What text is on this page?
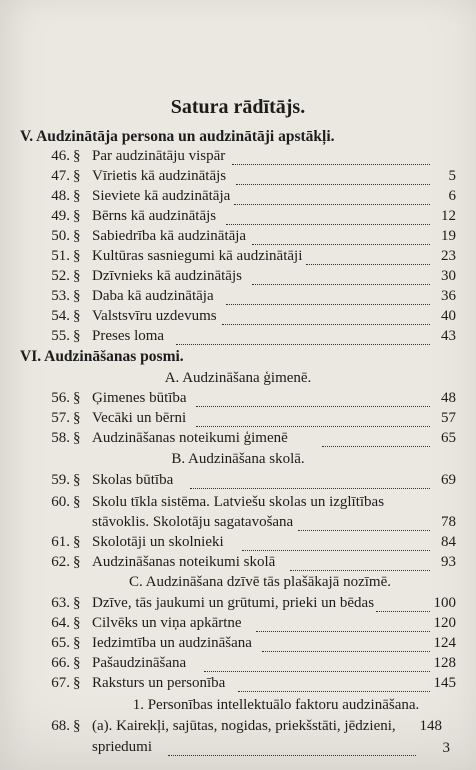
Satura rādītājs.
V. Audzinātāja persona un audzinātāji apstākļi.
46. § Par audzinātāju vispār
47. § Vīrietis kā audzinātājs	5
48. § Sieviete kā audzinātāja	6
49. § Bērns kā audzinātājs	12
50. § Sabiedrība kā audzinātāja	19
51. § Kultūras sasniegumi kā audzinātāji	23
52. § Dzīvnieks kā audzinātājs	30
53. § Daba kā audzinātāja	36
54. § Valstsvīru uzdevums	40
55. § Preses loma	43
VI. Audzināšanas posmi.
A. Audzināšana ģimenē.
56. § Ģimenes būtība	48
57. § Vecāki un bērni	57
58. § Audzināšanas noteikumi ģimenē	65
B. Audzināšana skolā.
59. § Skolas būtība	69
60. § Skolu tīkla sistēma. Latviešu skolas un izglītības
stāvoklis. Skolotāju sagatavošana	78
61. § Skolotāji un skolnieki	84
62. § Audzināšanas noteikumi skolā	93
C. Audzināšana dzīvē tās plašākajā nozīmē.
63. § Dzīve, tās jaukumi un grūtumi, prieki un bēdas	100
64. § Cilvēks un viņa apkārtne	120
65. § Iedzimtība un audzināšana	124
66. § Pašaudzināšana	128
67. § Raksturs un personība	145
1. Personības intellektuālo faktoru audzināšana.
68. § (a). Kairekļi, sajūtas, nogidas, priekšstāti, jēdzieni, 148
spriedumi	3
